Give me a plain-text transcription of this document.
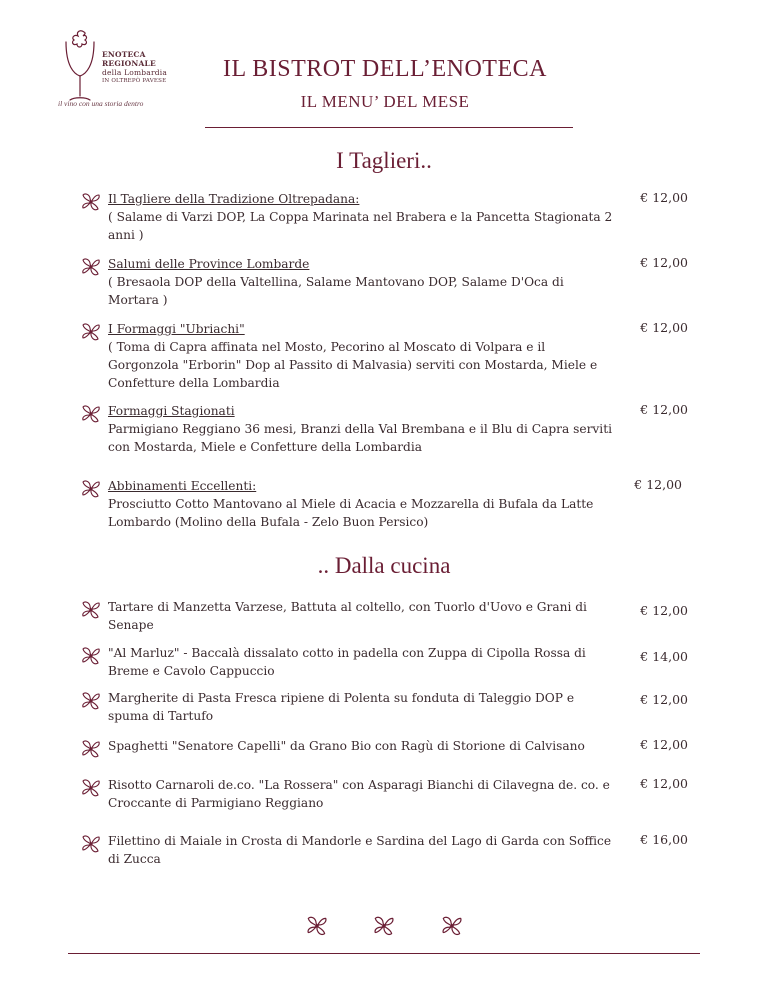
ENOTECA
REGIONALE
della Lombardia
IN OLTREPÒ PAVESE
il vino con una storia dentro
IL BISTROT DELL’ENOTECA
IL MENU’ DEL MESE
I Taglieri..
Il Tagliere della Tradizione Oltrepadana:
( Salame di Varzi DOP, La Coppa Marinata nel Brabera e la Pancetta Stagionata 2 anni )
€ 12,00
Salumi delle Province Lombarde
( Bresaola DOP della Valtellina, Salame Mantovano DOP, Salame D'Oca di Mortara )
€ 12,00
I Formaggi "Ubriachi"
( Toma di Capra affinata nel Mosto, Pecorino al Moscato di Volpara e il Gorgonzola "Erborin" Dop al Passito di Malvasia) serviti con Mostarda, Miele e Confetture della Lombardia
€ 12,00
Formaggi Stagionati
Parmigiano Reggiano 36 mesi, Branzi della Val Brembana e il Blu di Capra serviti con Mostarda, Miele e Confetture della Lombardia
€ 12,00
Abbinamenti Eccellenti:
Prosciutto Cotto Mantovano al Miele di Acacia e Mozzarella di Bufala da Latte Lombardo (Molino della Bufala - Zelo Buon Persico)
€ 12,00
.. Dalla cucina
Tartare di Manzetta Varzese, Battuta al coltello, con Tuorlo d'Uovo e Grani di Senape
€ 12,00
"Al Marluz" - Baccalà dissalato cotto in padella con Zuppa di Cipolla Rossa di Breme e Cavolo Cappuccio
€ 14,00
Margherite di Pasta Fresca ripiene di Polenta su fonduta di Taleggio DOP e spuma di Tartufo
€ 12,00
Spaghetti "Senatore Capelli" da Grano Bio con Ragù di Storione di Calvisano	€ 12,00
Risotto Carnaroli de.co. "La Rossera" con Asparagi Bianchi di Cilavegna de. co. e Croccante di Parmigiano Reggiano
€ 12,00
Filettino di Maiale in Crosta di Mandorle e Sardina del Lago di Garda con Soffice di Zucca
€ 16,00
